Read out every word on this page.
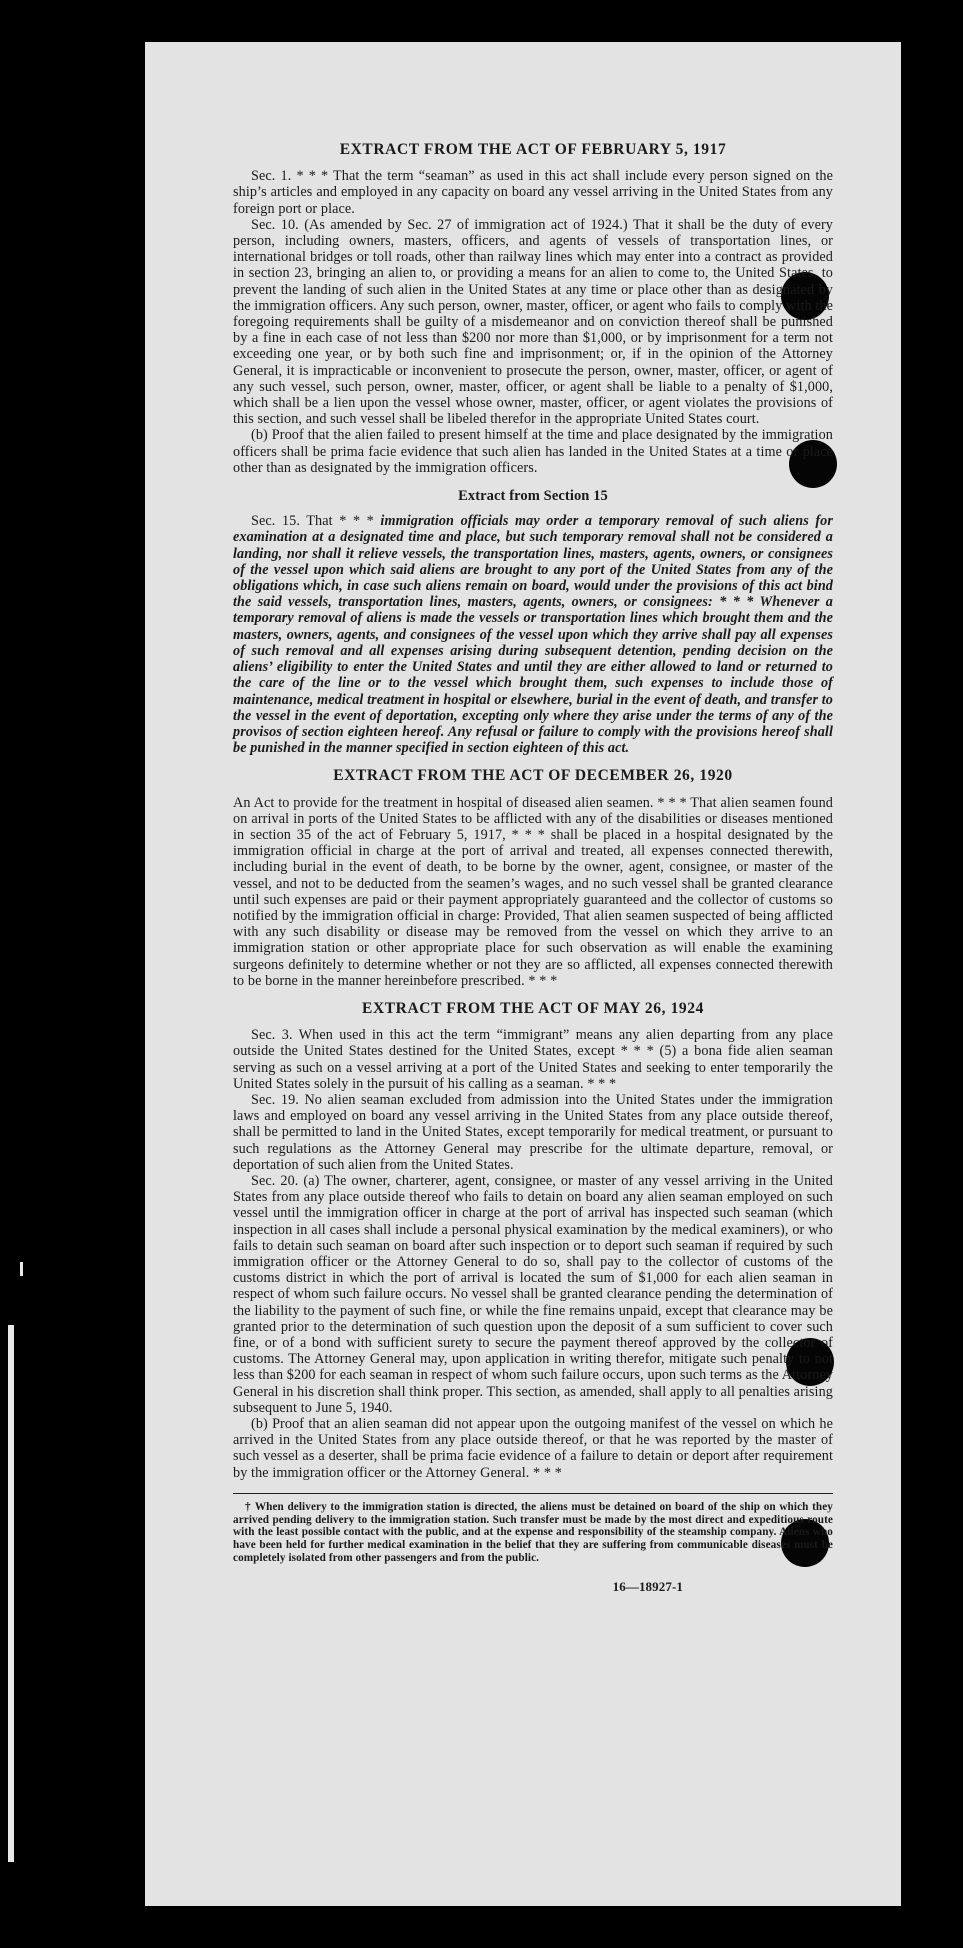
EXTRACT FROM THE ACT OF FEBRUARY 5, 1917

Sec. 1. * * * That the term “seaman” as used in this act shall include every person signed on the ship’s articles and employed in any capacity on board any vessel arriving in the United States from any foreign port or place.

Sec. 10. (As amended by Sec. 27 of immigration act of 1924.) That it shall be the duty of every person, including owners, masters, officers, and agents of vessels of transportation lines, or international bridges or toll roads, other than railway lines which may enter into a contract as provided in section 23, bringing an alien to, or providing a means for an alien to come to, the United States, to prevent the landing of such alien in the United States at any time or place other than as designated by the immigration officers. Any such person, owner, master, officer, or agent who fails to comply with the foregoing requirements shall be guilty of a misdemeanor and on conviction thereof shall be punished by a fine in each case of not less than $200 nor more than $1,000, or by imprisonment for a term not exceeding one year, or by both such fine and imprisonment; or, if in the opinion of the Attorney General, it is impracticable or inconvenient to prosecute the person, owner, master, officer, or agent of any such vessel, such person, owner, master, officer, or agent shall be liable to a penalty of $1,000, which shall be a lien upon the vessel whose owner, master, officer, or agent violates the provisions of this section, and such vessel shall be libeled therefor in the appropriate United States court.

(b) Proof that the alien failed to present himself at the time and place designated by the immigration officers shall be prima facie evidence that such alien has landed in the United States at a time or place other than as designated by the immigration officers.

Extract from Section 15

Sec. 15. That * * * immigration officials may order a temporary removal of such aliens for examination at a designated time and place, but such temporary removal shall not be considered a landing, nor shall it relieve vessels, the transportation lines, masters, agents, owners, or consignees of the vessel upon which said aliens are brought to any port of the United States from any of the obligations which, in case such aliens remain on board, would under the provisions of this act bind the said vessels, transportation lines, masters, agents, owners, or consignees: * * * Whenever a temporary removal of aliens is made the vessels or transportation lines which brought them and the masters, owners, agents, and consignees of the vessel upon which they arrive shall pay all expenses of such removal and all expenses arising during subsequent detention, pending decision on the aliens’ eligibility to enter the United States and until they are either allowed to land or returned to the care of the line or to the vessel which brought them, such expenses to include those of maintenance, medical treatment in hospital or elsewhere, burial in the event of death, and transfer to the vessel in the event of deportation, excepting only where they arise under the terms of any of the provisos of section eighteen hereof. Any refusal or failure to comply with the provisions hereof shall be punished in the manner specified in section eighteen of this act.

EXTRACT FROM THE ACT OF DECEMBER 26, 1920

An Act to provide for the treatment in hospital of diseased alien seamen. * * * That alien seamen found on arrival in ports of the United States to be afflicted with any of the disabilities or diseases mentioned in section 35 of the act of February 5, 1917, * * * shall be placed in a hospital designated by the immigration official in charge at the port of arrival and treated, all expenses connected therewith, including burial in the event of death, to be borne by the owner, agent, consignee, or master of the vessel, and not to be deducted from the seamen’s wages, and no such vessel shall be granted clearance until such expenses are paid or their payment appropriately guaranteed and the collector of customs so notified by the immigration official in charge: Provided, That alien seamen suspected of being afflicted with any such disability or disease may be removed from the vessel on which they arrive to an immigration station or other appropriate place for such observation as will enable the examining surgeons definitely to determine whether or not they are so afflicted, all expenses connected therewith to be borne in the manner hereinbefore prescribed. * * *

EXTRACT FROM THE ACT OF MAY 26, 1924

Sec. 3. When used in this act the term “immigrant” means any alien departing from any place outside the United States destined for the United States, except * * * (5) a bona fide alien seaman serving as such on a vessel arriving at a port of the United States and seeking to enter temporarily the United States solely in the pursuit of his calling as a seaman. * * *

Sec. 19. No alien seaman excluded from admission into the United States under the immigration laws and employed on board any vessel arriving in the United States from any place outside thereof, shall be permitted to land in the United States, except temporarily for medical treatment, or pursuant to such regulations as the Attorney General may prescribe for the ultimate departure, removal, or deportation of such alien from the United States.

Sec. 20. (a) The owner, charterer, agent, consignee, or master of any vessel arriving in the United States from any place outside thereof who fails to detain on board any alien seaman employed on such vessel until the immigration officer in charge at the port of arrival has inspected such seaman (which inspection in all cases shall include a personal physical examination by the medical examiners), or who fails to detain such seaman on board after such inspection or to deport such seaman if required by such immigration officer or the Attorney General to do so, shall pay to the collector of customs of the customs district in which the port of arrival is located the sum of $1,000 for each alien seaman in respect of whom such failure occurs. No vessel shall be granted clearance pending the determination of the liability to the payment of such fine, or while the fine remains unpaid, except that clearance may be granted prior to the determination of such question upon the deposit of a sum sufficient to cover such fine, or of a bond with sufficient surety to secure the payment thereof approved by the collector of customs. The Attorney General may, upon application in writing therefor, mitigate such penalty to not less than $200 for each seaman in respect of whom such failure occurs, upon such terms as the Attorney General in his discretion shall think proper. This section, as amended, shall apply to all penalties arising subsequent to June 5, 1940.

(b) Proof that an alien seaman did not appear upon the outgoing manifest of the vessel on which he arrived in the United States from any place outside thereof, or that he was reported by the master of such vessel as a deserter, shall be prima facie evidence of a failure to detain or deport after requirement by the immigration officer or the Attorney General. * * *

† When delivery to the immigration station is directed, the aliens must be detained on board of the ship on which they arrived pending delivery to the immigration station. Such transfer must be made by the most direct and expeditious route with the least possible contact with the public, and at the expense and responsibility of the steamship company. Aliens who have been held for further medical examination in the belief that they are suffering from communicable diseases must be completely isolated from other passengers and from the public.

16—18927-1
